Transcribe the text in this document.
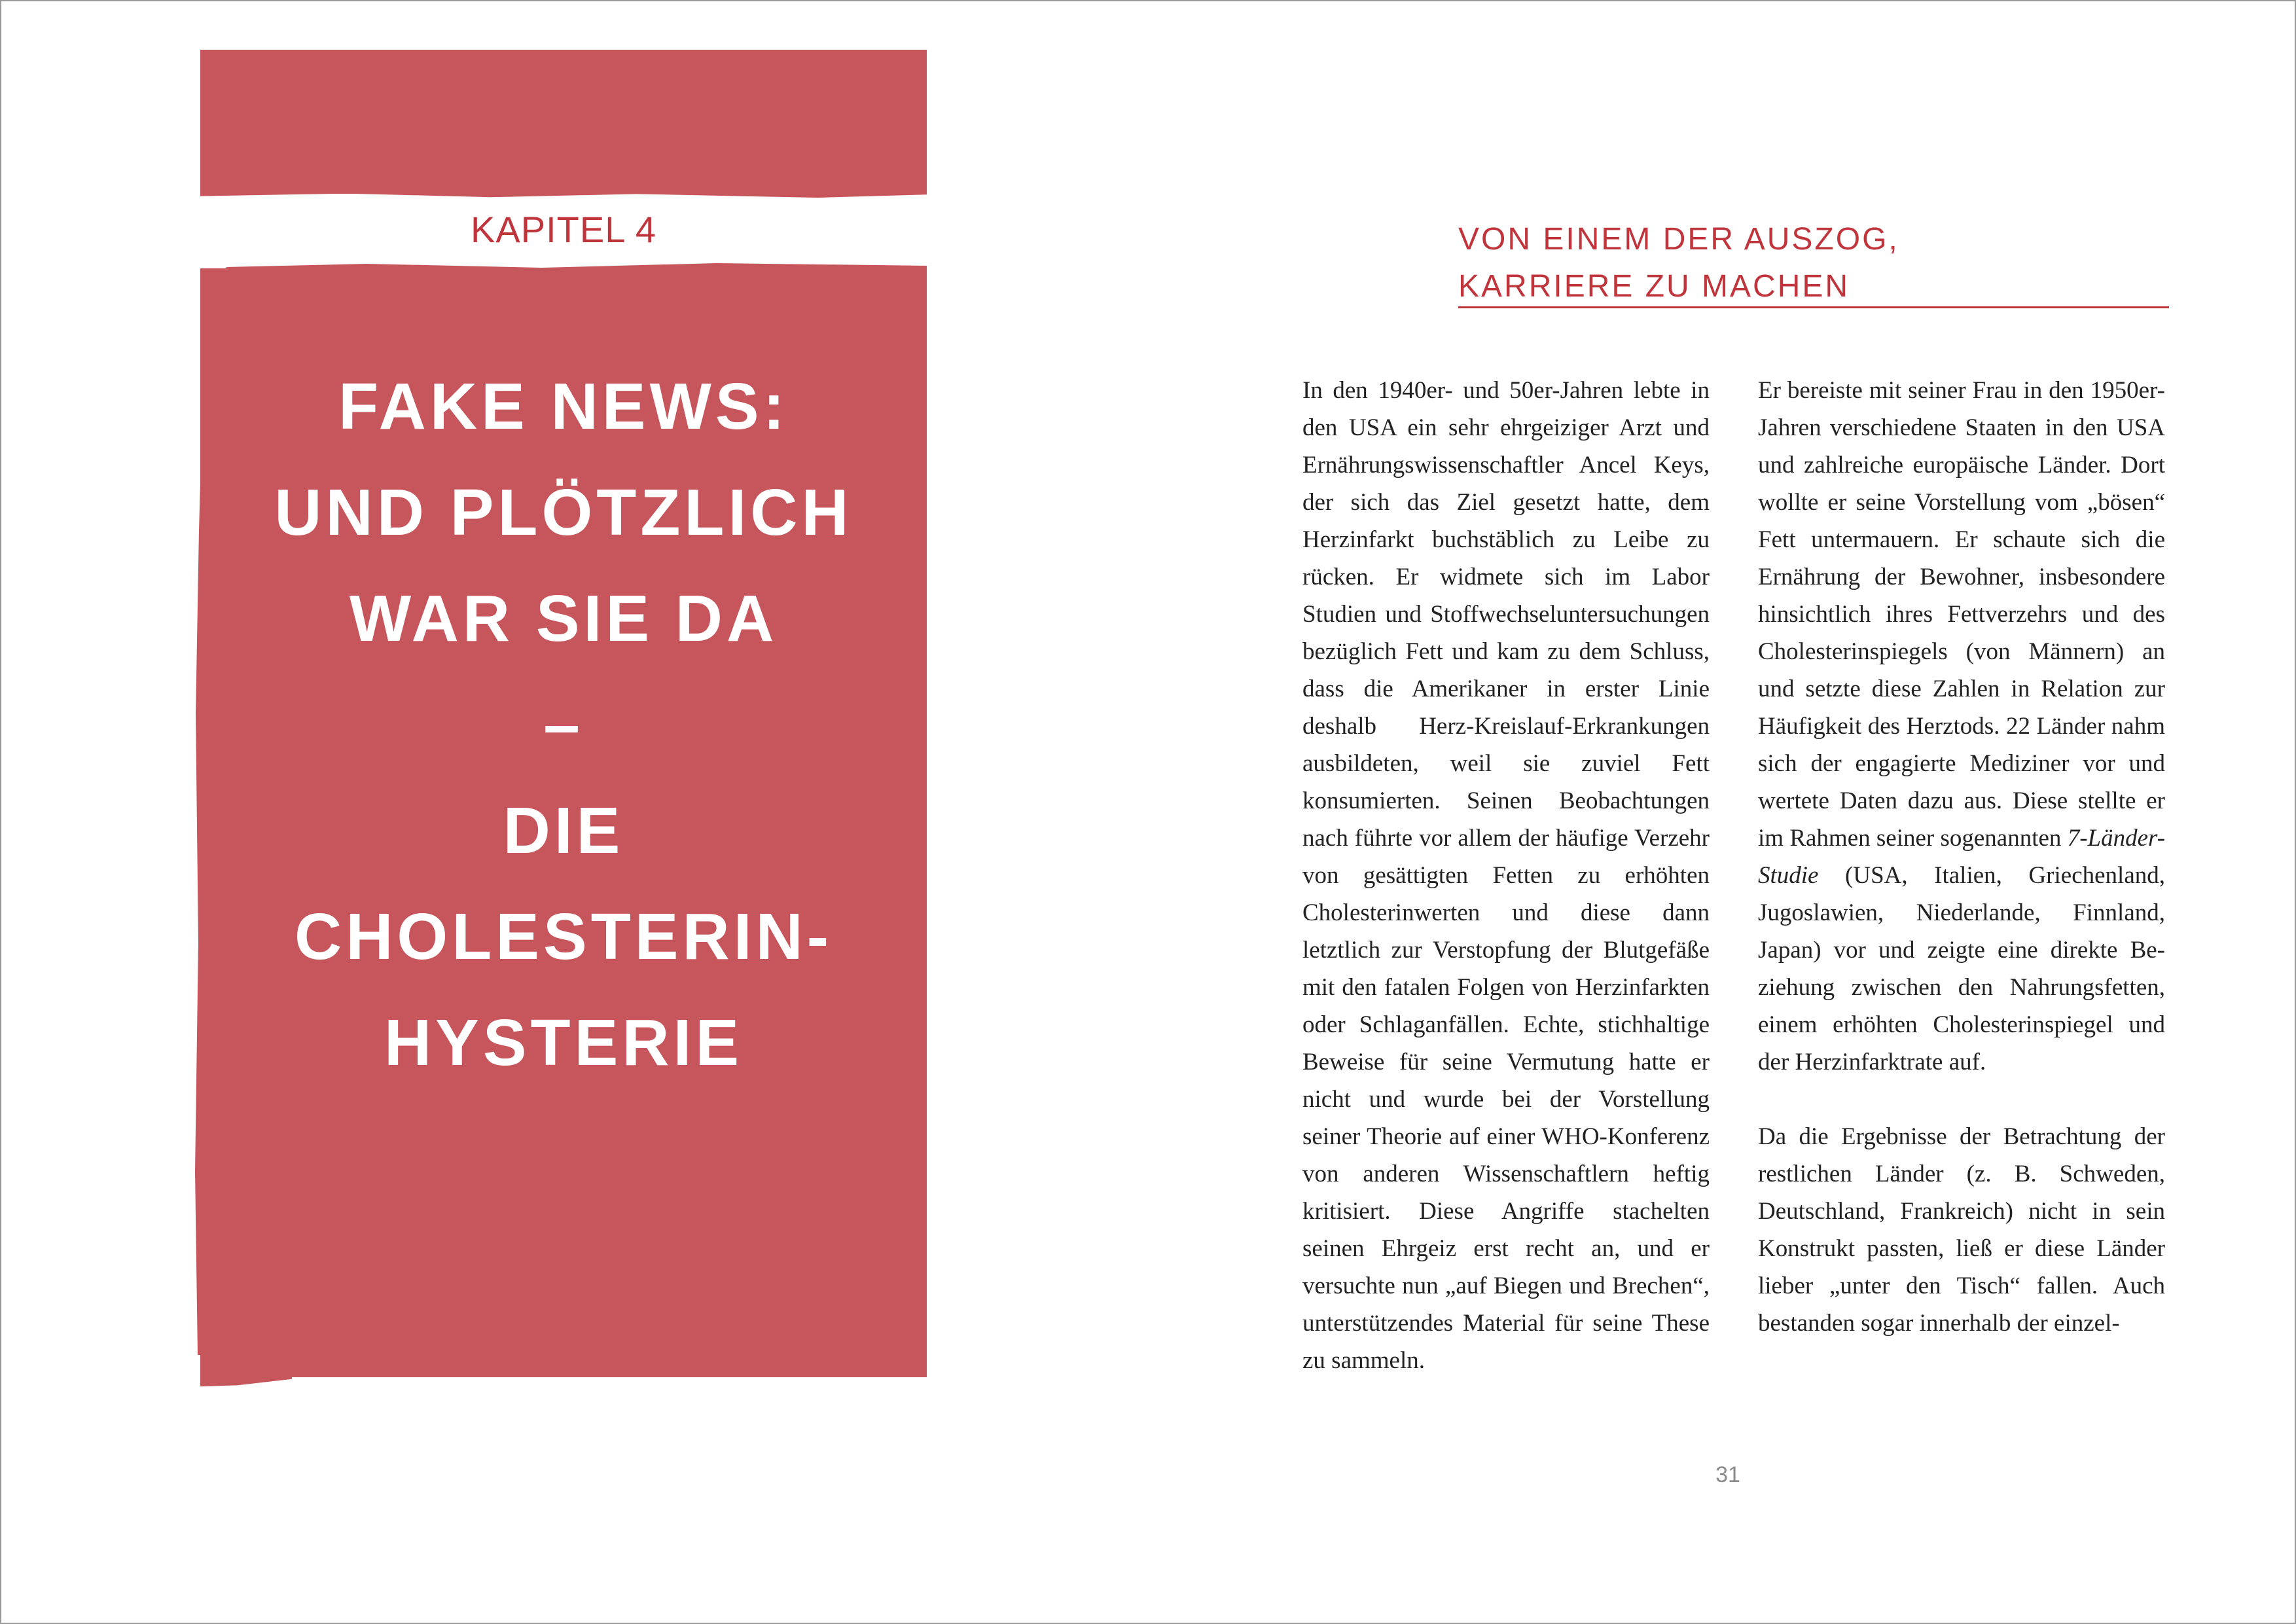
KAPITEL 4
FAKE NEWS:
UND PLÖTZLICH
WAR SIE DA
–
DIE
CHOLESTERIN-
HYSTERIE
VON EINEM DER AUSZOG,
KARRIERE ZU MACHEN

In den 1940er- und 50er-Jahren lebte in den USA ein sehr ehrgeiziger Arzt und Ernährungswissenschaftler Ancel Keys, der sich das Ziel gesetzt hatte, dem Herzinfarkt buchstäblich zu Leibe zu rücken. Er widmete sich im Labor Studien und Stoffwechseluntersuchungen bezüglich Fett und kam zu dem Schluss, dass die Amerikaner in erster Linie deshalb Herz-Kreislauf-Erkrankungen ausbildeten, weil sie zuviel Fett konsumierten. Seinen Beobachtungen nach führte vor allem der häufige Verzehr von gesättigten Fetten zu erhöhten Cholesterinwerten und diese dann letztlich zur Verstopfung der Blutgefäße mit den fatalen Folgen von Herzinfarkten oder Schlaganfällen. Echte, stichhaltige Beweise für seine Vermutung hatte er nicht und wurde bei der Vorstellung seiner Theorie auf einer WHO-Konferenz von anderen Wissenschaftlern heftig kritisiert. Diese Angriffe stachelten seinen Ehrgeiz erst recht an, und er versuchte nun „auf Biegen und Brechen“, unterstützendes Material für seine These zu sammeln.

Er bereiste mit seiner Frau in den 1950er-Jahren verschiedene Staaten in den USA und zahlreiche europäische Länder. Dort wollte er seine Vorstellung vom „bösen“ Fett untermauern. Er schaute sich die Ernährung der Bewohner, insbesondere hinsichtlich ihres Fettverzehrs und des Cholesterinspiegels (von Männern) an und setzte diese Zahlen in Relation zur Häufigkeit des Herztods. 22 Länder nahm sich der engagierte Mediziner vor und wertete Daten dazu aus. Diese stellte er im Rahmen seiner sogenannten 7-Länder-Studie (USA, Italien, Griechenland, Jugoslawien, Niederlande, Finnland, Japan) vor und zeigte eine direkte Beziehung zwischen den Nahrungsfetten, einem erhöhten Cholesterinspiegel und der Herzinfarktrate auf.

Da die Ergebnisse der Betrachtung der restlichen Länder (z. B. Schweden, Deutschland, Frankreich) nicht in sein Konstrukt passten, ließ er diese Länder lieber „unter den Tisch“ fallen. Auch bestanden sogar innerhalb der einzel-

31
